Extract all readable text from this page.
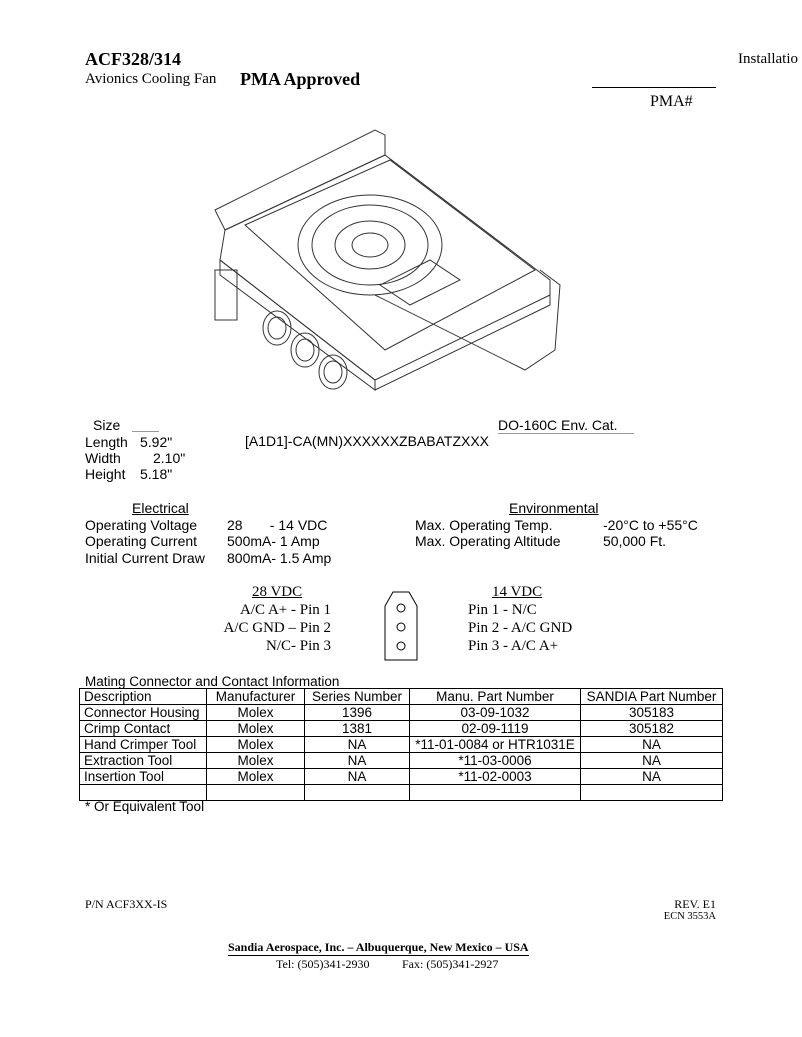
ACF328/314	Installatio
Avionics Cooling Fan PMA Approved
PMA#
Size
Length 5.92"
Width 2.10"
Height 5.18"
DO-160C Env. Cat.
[A1D1]-CA(MN)XXXXXXZBABATZXXX
Electrical
Operating Voltage 28       - 14 VDC
Operating Current 500mA- 1 Amp
Initial Current Draw 800mA- 1.5 Amp
Environmental
Max. Operating Temp.	-20°C to +55°C
Max. Operating Altitude	50,000 Ft.
28 VDC
A/C A+ - Pin 1
A/C GND – Pin 2
N/C- Pin 3
14 VDC
Pin 1 - N/C
Pin 2 - A/C GND
Pin 3 - A/C A+
Mating Connector and Contact Information
Description	Manufacturer	Series Number	Manu. Part Number	SANDIA Part Number
Connector Housing	Molex	1396	03-09-1032	305183
Crimp Contact	Molex	1381	02-09-1119	305182
Hand Crimper Tool	Molex	NA	*11-01-0084 or HTR1031E	NA
Extraction Tool	Molex	NA	*11-03-0006	NA
Insertion Tool	Molex	NA	*11-02-0003	NA

* Or Equivalent Tool
P/N ACF3XX-IS	REV. E1
ECN 3553A
Sandia Aerospace, Inc. – Albuquerque, New Mexico – USA
Tel: (505)341-2930	Fax: (505)341-2927
